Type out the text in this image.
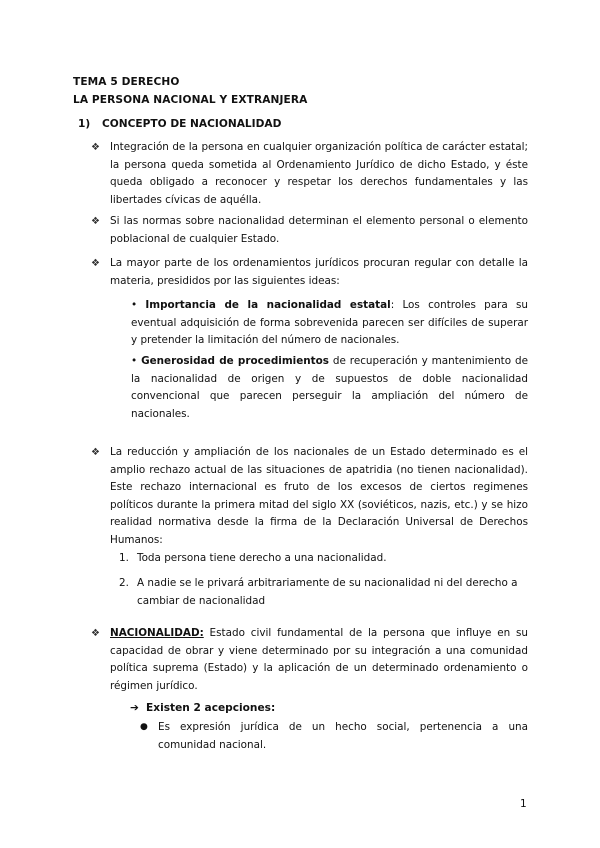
TEMA 5 DERECHO
LA PERSONA NACIONAL Y EXTRANJERA
1) CONCEPTO DE NACIONALIDAD
❖ Integración de la persona en cualquier organización política de carácter estatal; la persona queda sometida al Ordenamiento Jurídico de dicho Estado, y éste queda obligado a reconocer y respetar los derechos fundamentales y las libertades cívicas de aquélla.

❖ Si las normas sobre nacionalidad determinan el elemento personal o elemento poblacional de cualquier Estado.

❖ La mayor parte de los ordenamientos jurídicos procuran regular con detalle la materia, presididos por las siguientes ideas:

• Importancia de la nacionalidad estatal: Los controles para su eventual adquisición de forma sobrevenida parecen ser difíciles de superar y pretender la limitación del número de nacionales.

• Generosidad de procedimientos de recuperación y mantenimiento de la nacionalidad de origen y de supuestos de doble nacionalidad convencional que parecen perseguir la ampliación del número de nacionales.

❖ La reducción y ampliación de los nacionales de un Estado determinado es el amplio rechazo actual de las situaciones de apatridia (no tienen nacionalidad). Este rechazo internacional es fruto de los excesos de ciertos regimenes políticos durante la primera mitad del siglo XX (soviéticos, nazis, etc.) y se hizo realidad normativa desde la firma de la Declaración Universal de Derechos Humanos:

1. Toda persona tiene derecho a una nacionalidad.
2. A nadie se le privará arbitrariamente de su nacionalidad ni del derecho a cambiar de nacionalidad
❖ NACIONALIDAD: Estado civil fundamental de la persona que influye en su capacidad de obrar y viene determinado por su integración a una comunidad política suprema (Estado) y la aplicación de un determinado ordenamiento o régimen jurídico.

➔ Existen 2 acepciones:
● Es expresión jurídica de un hecho social, pertenencia a una comunidad nacional.
1
